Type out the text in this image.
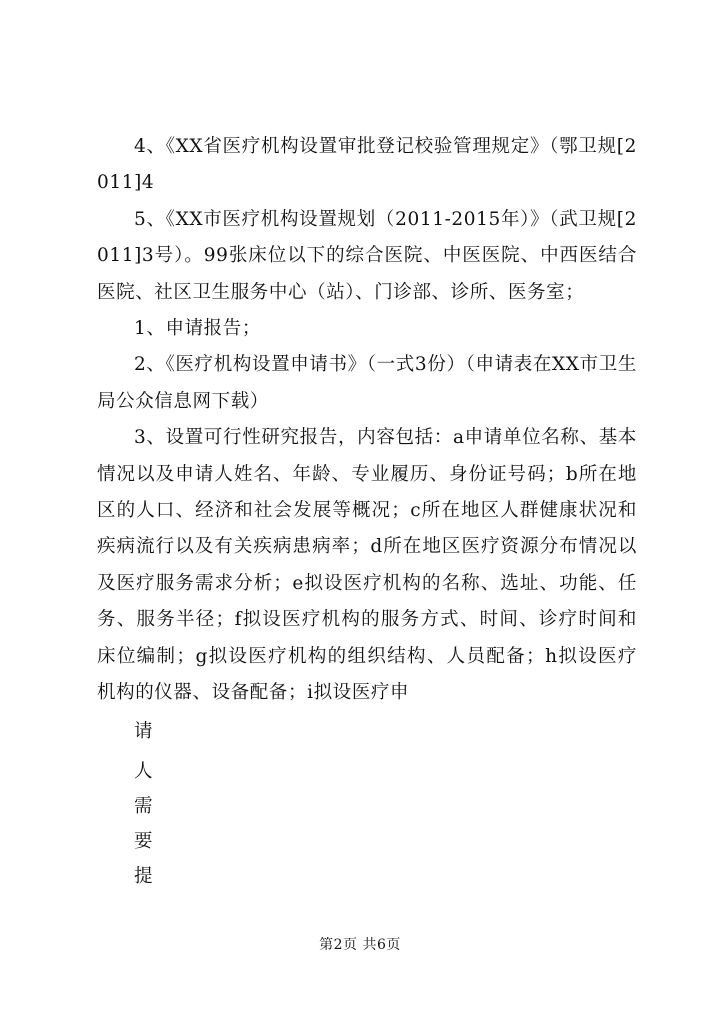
4、《XX省医疗机构设置审批登记校验管理规定》（鄂卫规[2011]4

5、《XX市医疗机构设置规划（2011-2015年）》（武卫规[2011]3号）。99张床位以下的综合医院、中医医院、中西医结合医院、社区卫生服务中心（站）、门诊部、诊所、医务室；

1、申请报告；

2、《医疗机构设置申请书》（一式3份）（申请表在XX市卫生局公众信息网下载）

3、设置可行性研究报告，内容包括：a申请单位名称、基本情况以及申请人姓名、年龄、专业履历、身份证号码；b所在地区的人口、经济和社会发展等概况；c所在地区人群健康状况和疾病流行以及有关疾病患病率；d所在地区医疗资源分布情况以及医疗服务需求分析；e拟设医疗机构的名称、选址、功能、任务、服务半径；f拟设医疗机构的服务方式、时间、诊疗时间和床位编制；g拟设医疗机构的组织结构、人员配备；h拟设医疗机构的仪器、设备配备；i拟设医疗申

请
人
需
要
提
第2页 共6页
